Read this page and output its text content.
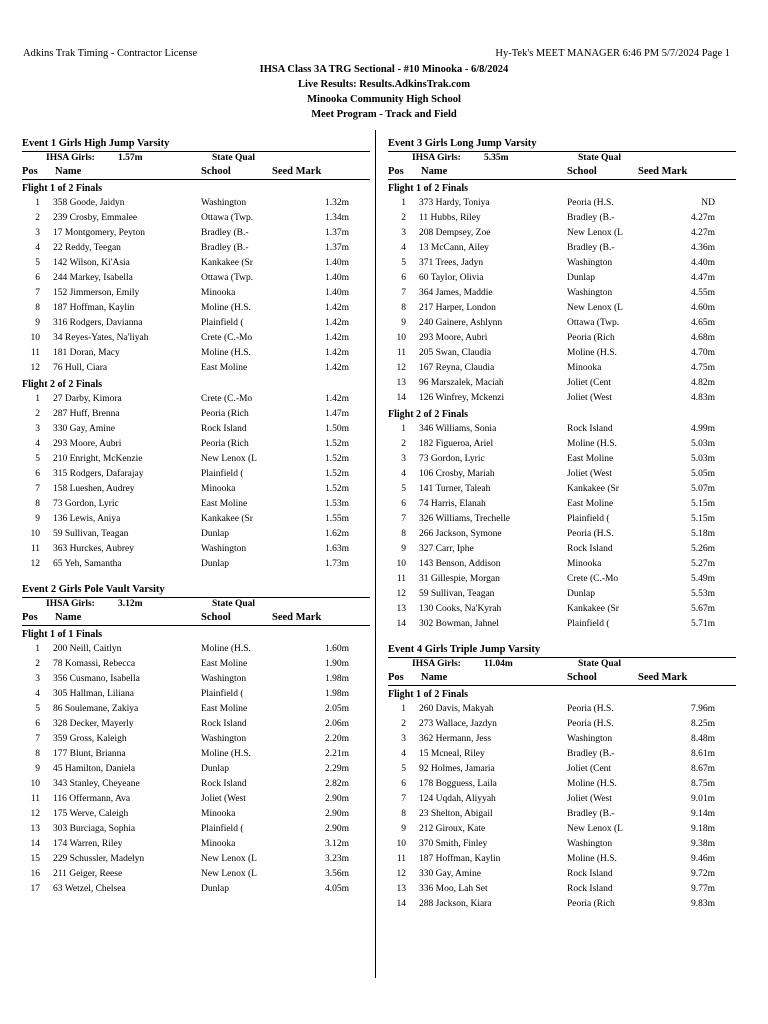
Adkins Trak Timing - Contractor License	Hy-Tek's MEET MANAGER 6:46 PM 5/7/2024 Page 1
IHSA Class 3A TRG Sectional - #10 Minooka - 6/8/2024
Live Results: Results.AdkinsTrak.com
Minooka Community High School
Meet Program - Track and Field
Event 1 Girls High Jump Varsity
IHSA Girls: 1.57m	State Qual
Pos Name	School	Seed Mark
Flight 1 of 2 Finals
1 358 Goode, Jaidyn	Washington	1.32m
2 239 Crosby, Emmalee	Ottawa (Twp.	1.34m
3 17 Montgomery, Peyton	Bradley (B.-	1.37m
4 22 Reddy, Teegan	Bradley (B.-	1.37m
5 142 Wilson, Ki'Asia	Kankakee (Sr	1.40m
6 244 Markey, Isabella	Ottawa (Twp.	1.40m
7 152 Jimmerson, Emily	Minooka	1.40m
8 187 Hoffman, Kaylin	Moline (H.S.	1.42m
9 316 Rodgers, Davianna	Plainfield (	1.42m
10 34 Reyes-Yates, Na'liyah	Crete (C.-Mo	1.42m
11 181 Doran, Macy	Moline (H.S.	1.42m
12 76 Hull, Ciara	East Moline	1.42m
Flight 2 of 2 Finals
1 27 Darby, Kimora	Crete (C.-Mo	1.42m
2 287 Huff, Brenna	Peoria (Rich	1.47m
3 330 Gay, Amine	Rock Island	1.50m
4 293 Moore, Aubri	Peoria (Rich	1.52m
5 210 Enright, McKenzie	New Lenox (L	1.52m
6 315 Rodgers, Dafarajay	Plainfield (	1.52m
7 158 Lueshen, Audrey	Minooka	1.52m
8 73 Gordon, Lyric	East Moline	1.53m
9 136 Lewis, Aniya	Kankakee (Sr	1.55m
10 59 Sullivan, Teagan	Dunlap	1.62m
11 363 Hurckes, Aubrey	Washington	1.63m
12 65 Yeh, Samantha	Dunlap	1.73m
Event 2 Girls Pole Vault Varsity
IHSA Girls: 3.12m	State Qual
Pos Name	School	Seed Mark
Flight 1 of 1 Finals
1 200 Neill, Caitlyn	Moline (H.S.	1.60m
2 78 Komassi, Rebecca	East Moline	1.90m
3 356 Cusmano, Isabella	Washington	1.98m
4 305 Hallman, Liliana	Plainfield (	1.98m
5 86 Soulemane, Zakiya	East Moline	2.05m
6 328 Decker, Mayerly	Rock Island	2.06m
7 359 Gross, Kaleigh	Washington	2.20m
8 177 Blunt, Brianna	Moline (H.S.	2.21m
9 45 Hamilton, Daniela	Dunlap	2.29m
10 343 Stanley, Cheyeane	Rock Island	2.82m
11 116 Offermann, Ava	Joliet (West	2.90m
12 175 Werve, Caleigh	Minooka	2.90m
13 303 Burciaga, Sophia	Plainfield (	2.90m
14 174 Warren, Riley	Minooka	3.12m
15 229 Schussler, Madelyn	New Lenox (L	3.23m
16 211 Geiger, Reese	New Lenox (L	3.56m
17 63 Wetzel, Chelsea	Dunlap	4.05m
Event 3 Girls Long Jump Varsity
IHSA Girls: 5.35m	State Qual
Pos Name	School	Seed Mark
Flight 1 of 2 Finals
1 373 Hardy, Toniya	Peoria (H.S.	ND
2 11 Hubbs, Riley	Bradley (B.-	4.27m
3 208 Dempsey, Zoe	New Lenox (L	4.27m
4 13 McCann, Ailey	Bradley (B.-	4.36m
5 371 Trees, Jadyn	Washington	4.40m
6 60 Taylor, Olivia	Dunlap	4.47m
7 364 James, Maddie	Washington	4.55m
8 217 Harper, London	New Lenox (L	4.60m
9 240 Gainere, Ashlynn	Ottawa (Twp.	4.65m
10 293 Moore, Aubri	Peoria (Rich	4.68m
11 205 Swan, Claudia	Moline (H.S.	4.70m
12 167 Reyna, Claudia	Minooka	4.75m
13 96 Marszalek, Maciah	Joliet (Cent	4.82m
14 126 Winfrey, Mckenzi	Joliet (West	4.83m
Flight 2 of 2 Finals
1 346 Williams, Sonia	Rock Island	4.99m
2 182 Figueroa, Ariel	Moline (H.S.	5.03m
3 73 Gordon, Lyric	East Moline	5.03m
4 106 Crosby, Mariah	Joliet (West	5.05m
5 141 Turner, Taleah	Kankakee (Sr	5.07m
6 74 Harris, Elanah	East Moline	5.15m
7 326 Williams, Trechelle	Plainfield (	5.15m
8 266 Jackson, Symone	Peoria (H.S.	5.18m
9 327 Carr, Iphe	Rock Island	5.26m
10 143 Benson, Addison	Minooka	5.27m
11 31 Gillespie, Morgan	Crete (C.-Mo	5.49m
12 59 Sullivan, Teagan	Dunlap	5.53m
13 130 Cooks, Na'Kyrah	Kankakee (Sr	5.67m
14 302 Bowman, Jahnel	Plainfield (	5.71m
Event 4 Girls Triple Jump Varsity
IHSA Girls: 11.04m	State Qual
Pos Name	School	Seed Mark
Flight 1 of 2 Finals
1 260 Davis, Makyah	Peoria (H.S.	7.96m
2 273 Wallace, Jazdyn	Peoria (H.S.	8.25m
3 362 Hermann, Jess	Washington	8.48m
4 15 Mcneal, Riley	Bradley (B.-	8.61m
5 92 Holmes, Jamaria	Joliet (Cent	8.67m
6 178 Bogguess, Laila	Moline (H.S.	8.75m
7 124 Uqdah, Aliyyah	Joliet (West	9.01m
8 23 Shelton, Abigail	Bradley (B.-	9.14m
9 212 Giroux, Kate	New Lenox (L	9.18m
10 370 Smith, Finley	Washington	9.38m
11 187 Hoffman, Kaylin	Moline (H.S.	9.46m
12 330 Gay, Amine	Rock Island	9.72m
13 336 Moo, Lah Set	Rock Island	9.77m
14 288 Jackson, Kiara	Peoria (Rich	9.83m
